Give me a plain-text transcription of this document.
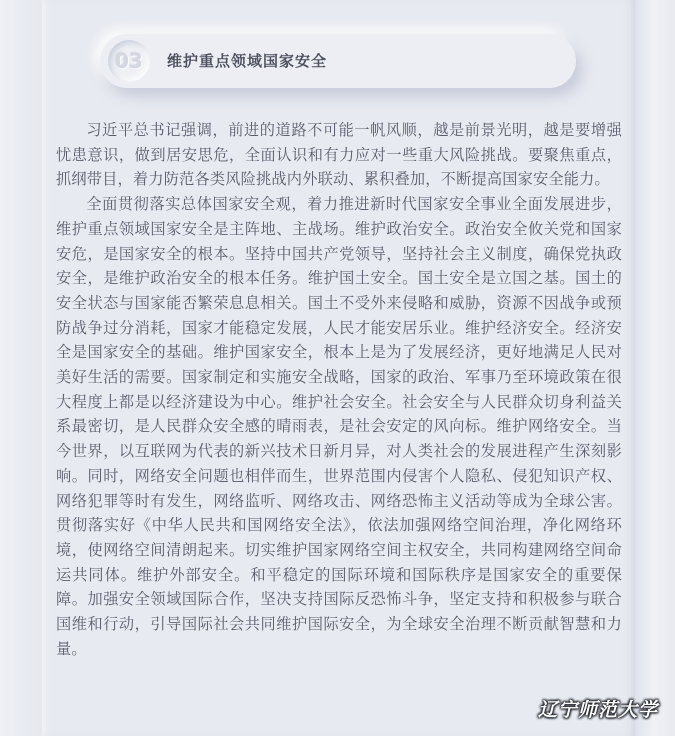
03 维护重点领域国家安全

习近平总书记强调，前进的道路不可能一帆风顺，越是前景光明，越是要增强忧患意识，做到居安思危，全面认识和有力应对一些重大风险挑战。要聚焦重点，抓纲带目，着力防范各类风险挑战内外联动、累积叠加，不断提高国家安全能力。

全面贯彻落实总体国家安全观，着力推进新时代国家安全事业全面发展进步，维护重点领域国家安全是主阵地、主战场。维护政治安全。政治安全攸关党和国家安危，是国家安全的根本。坚持中国共产党领导，坚持社会主义制度，确保党执政安全，是维护政治安全的根本任务。维护国土安全。国土安全是立国之基。国土的安全状态与国家能否繁荣息息相关。国土不受外来侵略和威胁，资源不因战争或预防战争过分消耗，国家才能稳定发展，人民才能安居乐业。维护经济安全。经济安全是国家安全的基础。维护国家安全，根本上是为了发展经济，更好地满足人民对美好生活的需要。国家制定和实施安全战略，国家的政治、军事乃至环境政策在很大程度上都是以经济建设为中心。维护社会安全。社会安全与人民群众切身利益关系最密切，是人民群众安全感的晴雨表，是社会安定的风向标。维护网络安全。当今世界，以互联网为代表的新兴技术日新月异，对人类社会的发展进程产生深刻影响。同时，网络安全问题也相伴而生，世界范围内侵害个人隐私、侵犯知识产权、网络犯罪等时有发生，网络监听、网络攻击、网络恐怖主义活动等成为全球公害。贯彻落实好《中华人民共和国网络安全法》，依法加强网络空间治理，净化网络环境，使网络空间清朗起来。切实维护国家网络空间主权安全，共同构建网络空间命运共同体。维护外部安全。和平稳定的国际环境和国际秩序是国家安全的重要保障。加强安全领域国际合作，坚决支持国际反恐怖斗争，坚定支持和积极参与联合国维和行动，引导国际社会共同维护国际安全，为全球安全治理不断贡献智慧和力量。

辽宁师范大学
